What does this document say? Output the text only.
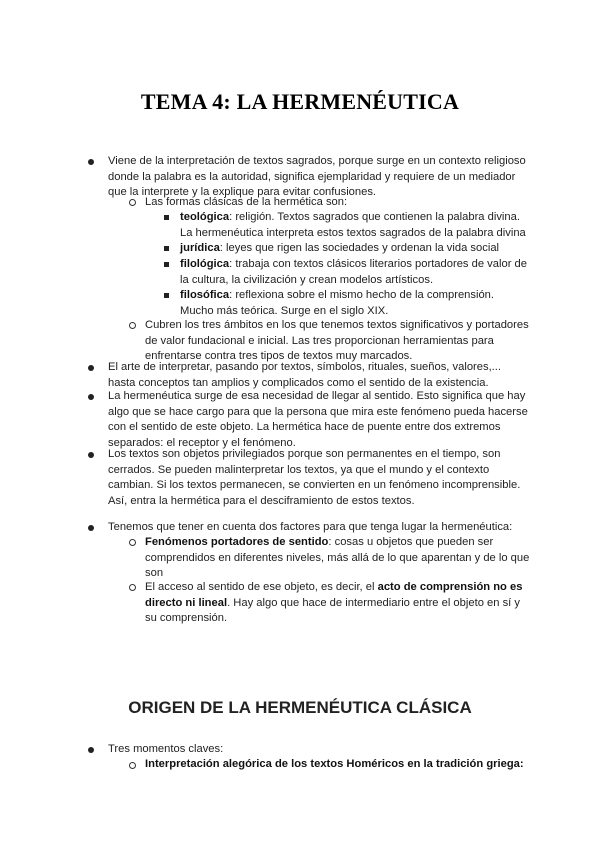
TEMA 4: LA HERMENÉUTICA

Viene de la interpretación de textos sagrados, porque surge en un contexto religioso

donde la palabra es la autoridad, significa ejemplaridad y requiere de un mediador

que la interprete y la explique para evitar confusiones.

Las formas clásicas de la hermética son:

teológica: religión. Textos sagrados que contienen la palabra divina.

La hermenéutica interpreta estos textos sagrados de la palabra divina

jurídica: leyes que rigen las sociedades y ordenan la vida social

filológica: trabaja con textos clásicos literarios portadores de valor de

la cultura, la civilización y crean modelos artísticos.

filosófica: reflexiona sobre el mismo hecho de la comprensión.

Mucho más teórica. Surge en el siglo XIX.

Cubren los tres ámbitos en los que tenemos textos significativos y portadores

de valor fundacional e inicial. Las tres proporcionan herramientas para

enfrentarse contra tres tipos de textos muy marcados.

El arte de interpretar, pasando por textos, símbolos, rituales, sueños, valores,...

hasta conceptos tan amplios y complicados como el sentido de la existencia.

La hermenéutica surge de esa necesidad de llegar al sentido. Esto significa que hay

algo que se hace cargo para que la persona que mira este fenómeno pueda hacerse

con el sentido de este objeto. La hermética hace de puente entre dos extremos

separados: el receptor y el fenómeno.

Los textos son objetos privilegiados porque son permanentes en el tiempo, son

cerrados. Se pueden malinterpretar los textos, ya que el mundo y el contexto

cambian. Si los textos permanecen, se convierten en un fenómeno incomprensible.

Así, entra la hermética para el desciframiento de estos textos.

Tenemos que tener en cuenta dos factores para que tenga lugar la hermenéutica:

Fenómenos portadores de sentido: cosas u objetos que pueden ser

comprendidos en diferentes niveles, más allá de lo que aparentan y de lo que

son

El acceso al sentido de ese objeto, es decir, el acto de comprensión no es

directo ni lineal. Hay algo que hace de intermediario entre el objeto en sí y

su comprensión.

ORIGEN DE LA HERMENÉUTICA CLÁSICA

Tres momentos claves:

Interpretación alegórica de los textos Homéricos en la tradición griega:
